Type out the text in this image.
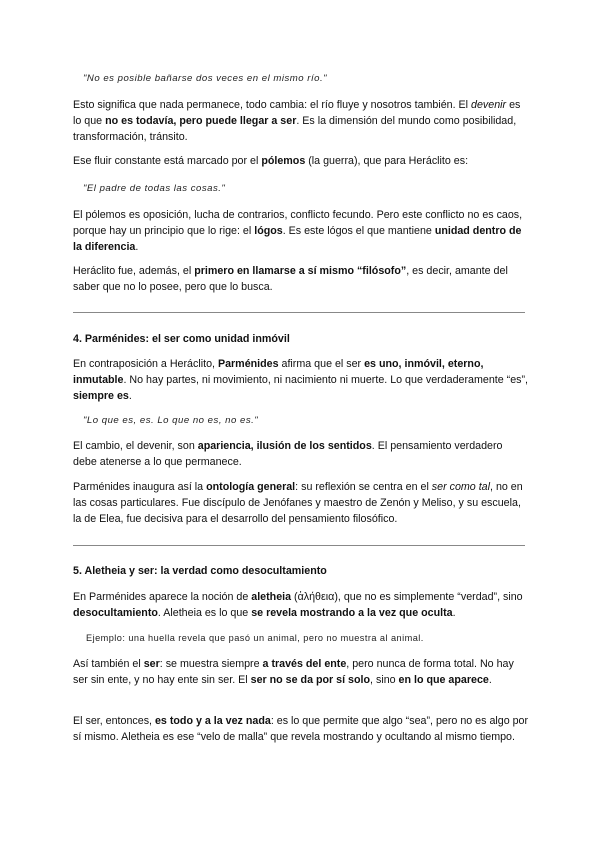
"No es posible bañarse dos veces en el mismo río."

Esto significa que nada permanece, todo cambia: el río fluye y nosotros también. El devenir es lo que no es todavía, pero puede llegar a ser. Es la dimensión del mundo como posibilidad, transformación, tránsito.

Ese fluir constante está marcado por el pólemos (la guerra), que para Heráclito es:

"El padre de todas las cosas."

El pólemos es oposición, lucha de contrarios, conflicto fecundo. Pero este conflicto no es caos, porque hay un principio que lo rige: el lógos. Es este lógos el que mantiene unidad dentro de la diferencia.

Heráclito fue, además, el primero en llamarse a sí mismo “filósofo”, es decir, amante del saber que no lo posee, pero que lo busca.

4. Parménides: el ser como unidad inmóvil

En contraposición a Heráclito, Parménides afirma que el ser es uno, inmóvil, eterno, inmutable. No hay partes, ni movimiento, ni nacimiento ni muerte. Lo que verdaderamente “es”, siempre es.

"Lo que es, es. Lo que no es, no es."

El cambio, el devenir, son apariencia, ilusión de los sentidos. El pensamiento verdadero debe atenerse a lo que permanece.

Parménides inaugura así la ontología general: su reflexión se centra en el ser como tal, no en las cosas particulares. Fue discípulo de Jenófanes y maestro de Zenón y Meliso, y su escuela, la de Elea, fue decisiva para el desarrollo del pensamiento filosófico.

5. Aletheia y ser: la verdad como desocultamiento

En Parménides aparece la noción de aletheia (ἀλήθεια), que no es simplemente “verdad”, sino desocultamiento. Aletheia es lo que se revela mostrando a la vez que oculta.

Ejemplo: una huella revela que pasó un animal, pero no muestra al animal.

Así también el ser: se muestra siempre a través del ente, pero nunca de forma total. No hay ser sin ente, y no hay ente sin ser. El ser no se da por sí solo, sino en lo que aparece.

El ser, entonces, es todo y a la vez nada: es lo que permite que algo “sea”, pero no es algo por sí mismo. Aletheia es ese “velo de malla” que revela mostrando y ocultando al mismo tiempo.
